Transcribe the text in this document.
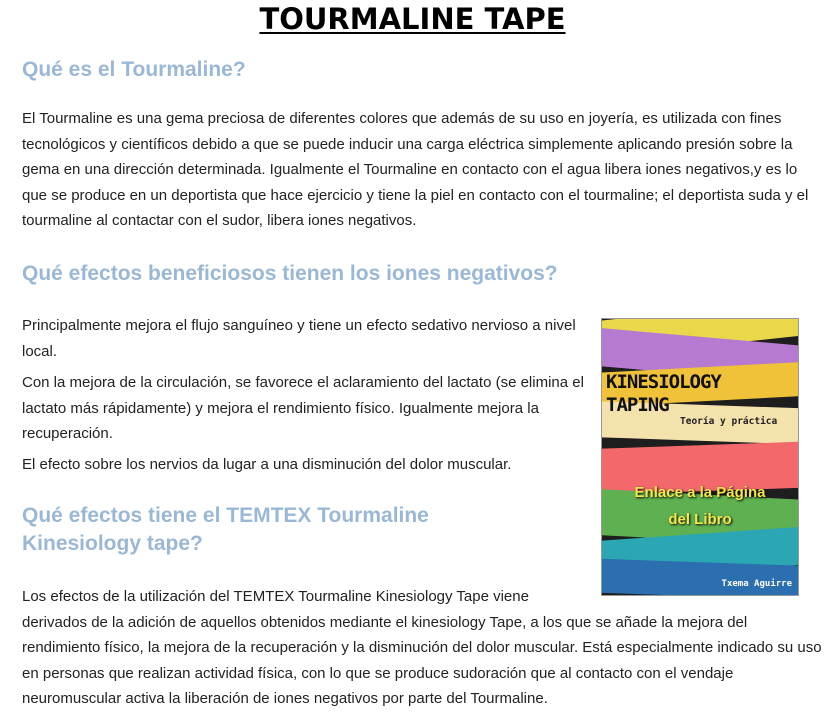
TOURMALINE TAPE
Qué es el Tourmaline?

El Tourmaline es una gema preciosa de diferentes colores que además de su uso en joyería, es utilizada con fines tecnológicos y científicos debido a que se puede inducir una carga eléctrica simplemente aplicando presión sobre la gema en una dirección determinada. Igualmente el Tourmaline en contacto con el agua libera iones negativos,y es lo que se produce en un deportista que hace ejercicio y tiene la piel en contacto con el tourmaline; el deportista suda y el tourmaline al contactar con el sudor, libera iones negativos.

Qué efectos beneficiosos tienen los iones negativos?

Principalmente mejora el flujo sanguíneo y tiene un efecto sedativo nervioso a nivel local.

Con la mejora de la circulación, se favorece el aclaramiento del lactato (se elimina el lactato más rápidamente) y mejora el rendimiento físico. Igualmente mejora la recuperación.

El efecto sobre los nervios da lugar a una disminución del dolor muscular.

Qué efectos tiene el TEMTEX Tourmaline Kinesiology tape?
Los efectos de la utilización del TEMTEX Tourmaline Kinesiology Tape viene
derivados de la adición de aquellos obtenidos mediante el kinesiology Tape, a los que se añade la mejora del rendimiento físico, la mejora de la recuperación y la disminución del dolor muscular. Está especialmente indicado su uso en personas que realizan actividad física, con lo que se produce sudoración que al contacto con el vendaje neuromuscular activa la liberación de iones negativos por parte del Tourmaline.
KINESIOLOGY
TAPING
Teoría y práctica
Enlace a la Página
del Libro
Txema Aguirre
